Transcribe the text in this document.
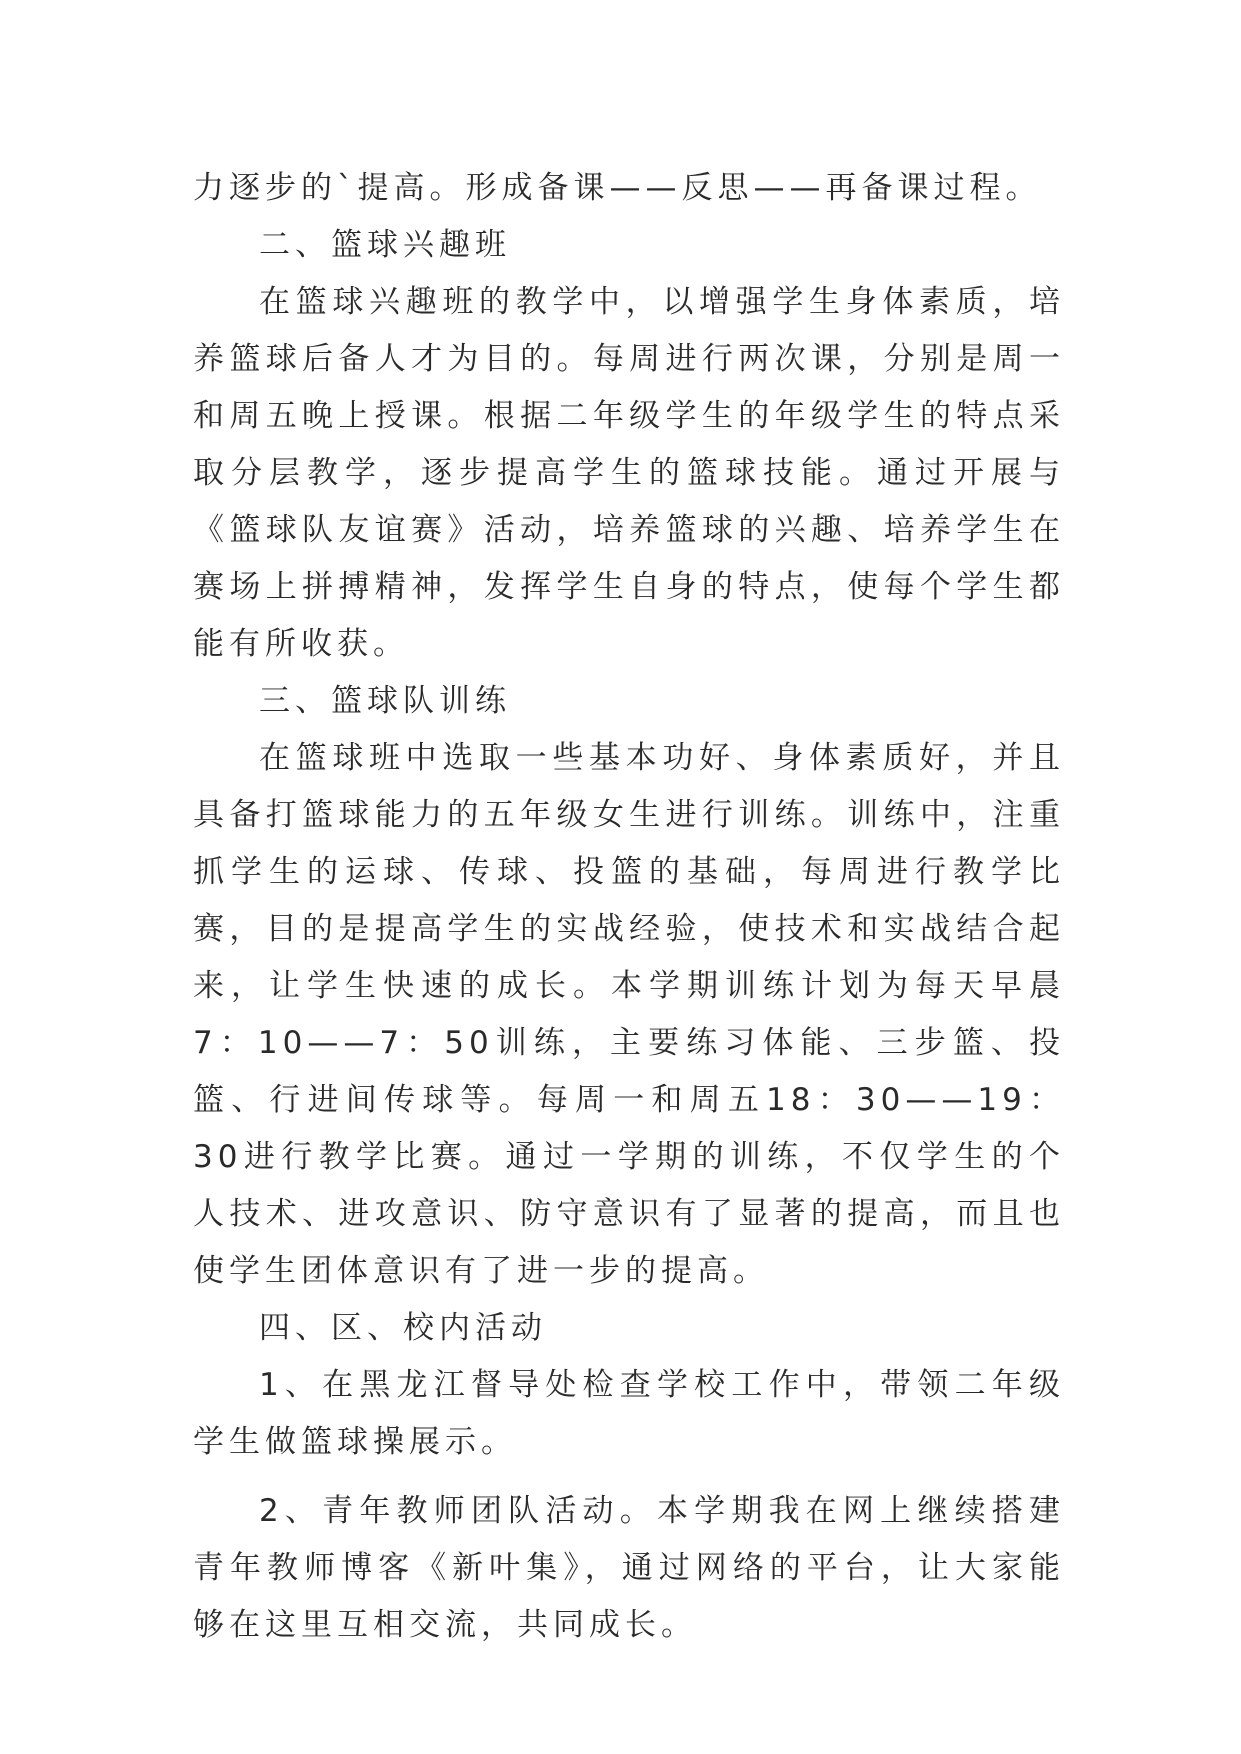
力逐步的`提高。形成备课——反思——再备课过程。

二、篮球兴趣班

在篮球兴趣班的教学中，以增强学生身体素质，培养篮球后备人才为目的。每周进行两次课，分别是周一和周五晚上授课。根据二年级学生的年级学生的特点采取分层教学，逐步提高学生的篮球技能。通过开展与《篮球队友谊赛》活动，培养篮球的兴趣、培养学生在赛场上拼搏精神，发挥学生自身的特点，使每个学生都能有所收获。

三、篮球队训练

在篮球班中选取一些基本功好、身体素质好，并且具备打篮球能力的五年级女生进行训练。训练中，注重抓学生的运球、传球、投篮的基础，每周进行教学比赛，目的是提高学生的实战经验，使技术和实战结合起来，让学生快速的成长。本学期训练计划为每天早晨7：10——7：50训练，主要练习体能、三步篮、投篮、行进间传球等。每周一和周五18：30——19：30进行教学比赛。通过一学期的训练，不仅学生的个人技术、进攻意识、防守意识有了显著的提高，而且也使学生团体意识有了进一步的提高。

四、区、校内活动

1、在黑龙江督导处检查学校工作中，带领二年级学生做篮球操展示。

2、青年教师团队活动。本学期我在网上继续搭建青年教师博客《新叶集》，通过网络的平台，让大家能够在这里互相交流，共同成长。
